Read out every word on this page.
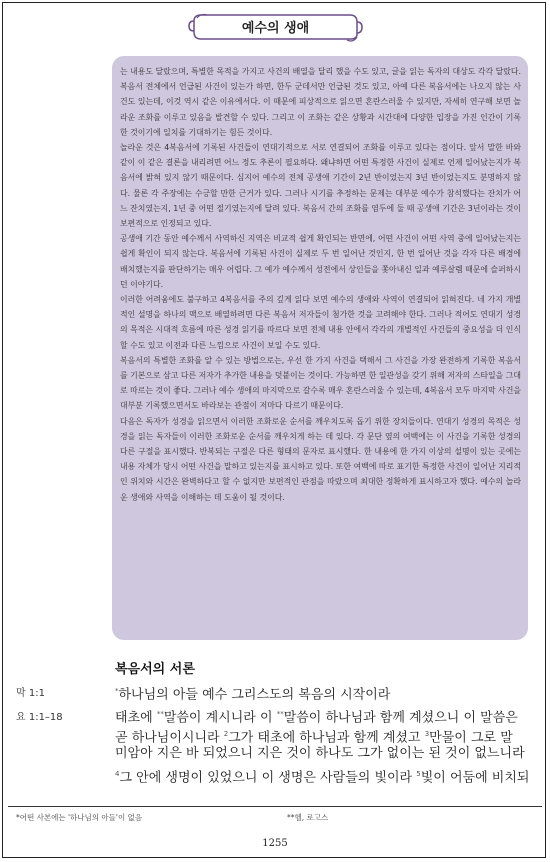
예수의 생애

는 내용도 달랐으며, 특별한 목적을 가지고 사건의 배열을 달리 했을 수도 있고, 글을 읽는 독자의 대상도 각각 달랐다. 복음서 전체에서 언급된 사건이 있는가 하면, 한두 군데서만 언급된 것도 있고, 아예 다른 복음서에는 나오지 않는 사건도 있는데, 이것 역시 같은 이유에서다. 이 때문에 피상적으로 읽으면 혼란스러울 수 있지만, 자세히 연구해 보면 놀라운 조화를 이루고 있음을 발견할 수 있다. 그리고 이 조화는 같은 상황과 시간대에 다양한 입장을 가진 인간이 기록한 것이기에 일치를 기대하기는 힘든 것이다.

놀라운 것은 4복음서에 기록된 사건들이 연대기적으로 서로 연결되어 조화를 이루고 있다는 점이다. 앞서 말한 바와 같이 이 같은 결론을 내리려면 어느 정도 추론이 필요하다. 왜냐하면 어떤 특정한 사건이 실제로 언제 일어났는지가 복음서에 밝혀 있지 않기 때문이다. 심지어 예수의 전체 공생애 기간이 2년 반이었는지 3년 반이었는지도 분명하지 않다. 물론 각 주장에는 수긍할 만한 근거가 있다. 그러나 시기를 추정하는 문제는 대부분 예수가 참석했다는 잔치가 어느 잔치였는지, 1년 중 어떤 절기였는지에 달려 있다. 복음서 간의 조화를 염두에 둘 때 공생애 기간은 3년이라는 것이 보편적으로 인정되고 있다.

공생애 기간 동안 예수께서 사역하신 지역은 비교적 쉽게 확인되는 반면에, 어떤 사건이 어떤 사역 중에 일어났는지는 쉽게 확인이 되지 않는다. 복음서에 기록된 사건이 실제로 두 번 일어난 것인지, 한 번 일어난 것을 각자 다른 배경에 배치했는지를 판단하기는 매우 어렵다. 그 예가 예수께서 성전에서 상인들을 쫓아내신 일과 예루살렘 때문에 슬퍼하시던 이야기다.

이러한 어려움에도 불구하고 4복음서를 주의 깊게 읽다 보면 예수의 생애와 사역이 연결되어 읽혀진다. 네 가지 개별적인 설명을 하나의 맥으로 배열하려면 다른 복음서 저자들이 첨가한 것을 고려해야 한다. 그러나 적어도 연대기 성경의 목적은 시대적 흐름에 따른 성경 읽기를 따르다 보면 전체 내용 안에서 각각의 개별적인 사건들의 중요성을 더 인식할 수도 있고 이전과 다른 느낌으로 사건이 보일 수도 있다.

복음서의 특별한 조화를 알 수 있는 방법으로는, 우선 한 가지 사건을 택해서 그 사건을 가장 완전하게 기록한 복음서를 기본으로 삼고 다른 저자가 추가한 내용을 덧붙이는 것이다. 가능하면 한 일관성을 갖기 위해 저자의 스타일을 그대로 따르는 것이 좋다. 그러나 예수 생애의 마지막으로 갈수록 매우 혼란스러울 수 있는데, 4복음서 모두 마지막 사건을 대부분 기록했으면서도 바라보는 관점이 저마다 다르기 때문이다.

다음은 독자가 성경을 읽으면서 이러한 조화로운 순서를 깨우치도록 돕기 위한 장치들이다. 연대기 성경의 목적은 성경을 읽는 독자들이 이러한 조화로운 순서를 깨우치게 하는 데 있다. 각 문단 옆의 여백에는 이 사건을 기록한 성경의 다른 구절을 표시했다. 반복되는 구절은 다른 형태의 문자로 표시했다. 한 내용에 한 가지 이상의 설명이 있는 곳에는 내용 자체가 당시 어떤 사건을 말하고 있는지를 표시하고 있다. 또한 여백에 따로 표기한 특정한 사건이 일어난 지리적인 위치와 시간은 완벽하다고 할 수 없지만 보편적인 관점을 따랐으며 최대한 정확하게 표시하고자 했다. 예수의 놀라운 생애와 사역을 이해하는 데 도움이 될 것이다.

복음서의 서론
막 1:1
요 1:1–18
*하나님의 아들 예수 그리스도의 복음의 시작이라
태초에 **말씀이 계시니라 이 **말씀이 하나님과 함께 계셨으니 이 말씀은
곧 하나님이시니라 $^2$그가 태초에 하나님과 함께 계셨고 $^3$만물이 그로 말
미암아 지은 바 되었으니 지은 것이 하나도 그가 없이는 된 것이 없느니라
$^4$그 안에 생명이 있었으니 이 생명은 사람들의 빛이라 $^5$빛이 어둠에 비치되
*어떤 사본에는 '하나님의 아들'이 없음	**헬, 로고스
1255
